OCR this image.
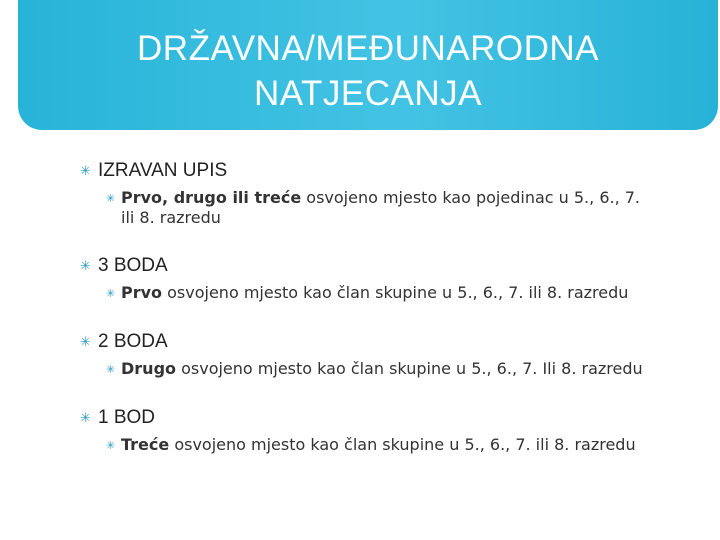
DRŽAVNA/MEĐUNARODNA
NATJECANJA
✳ IZRAVAN UPIS
✳ Prvo, drugo ili treće osvojeno mjesto kao pojedinac u 5., 6., 7.
ili 8. razredu
✳ 3 BODA
✳ Prvo osvojeno mjesto kao član skupine u 5., 6., 7. ili 8. razredu
✳ 2 BODA
✳ Drugo osvojeno mjesto kao član skupine u 5., 6., 7. Ili 8. razredu
✳ 1 BOD
✳ Treće osvojeno mjesto kao član skupine u 5., 6., 7. ili 8. razredu
